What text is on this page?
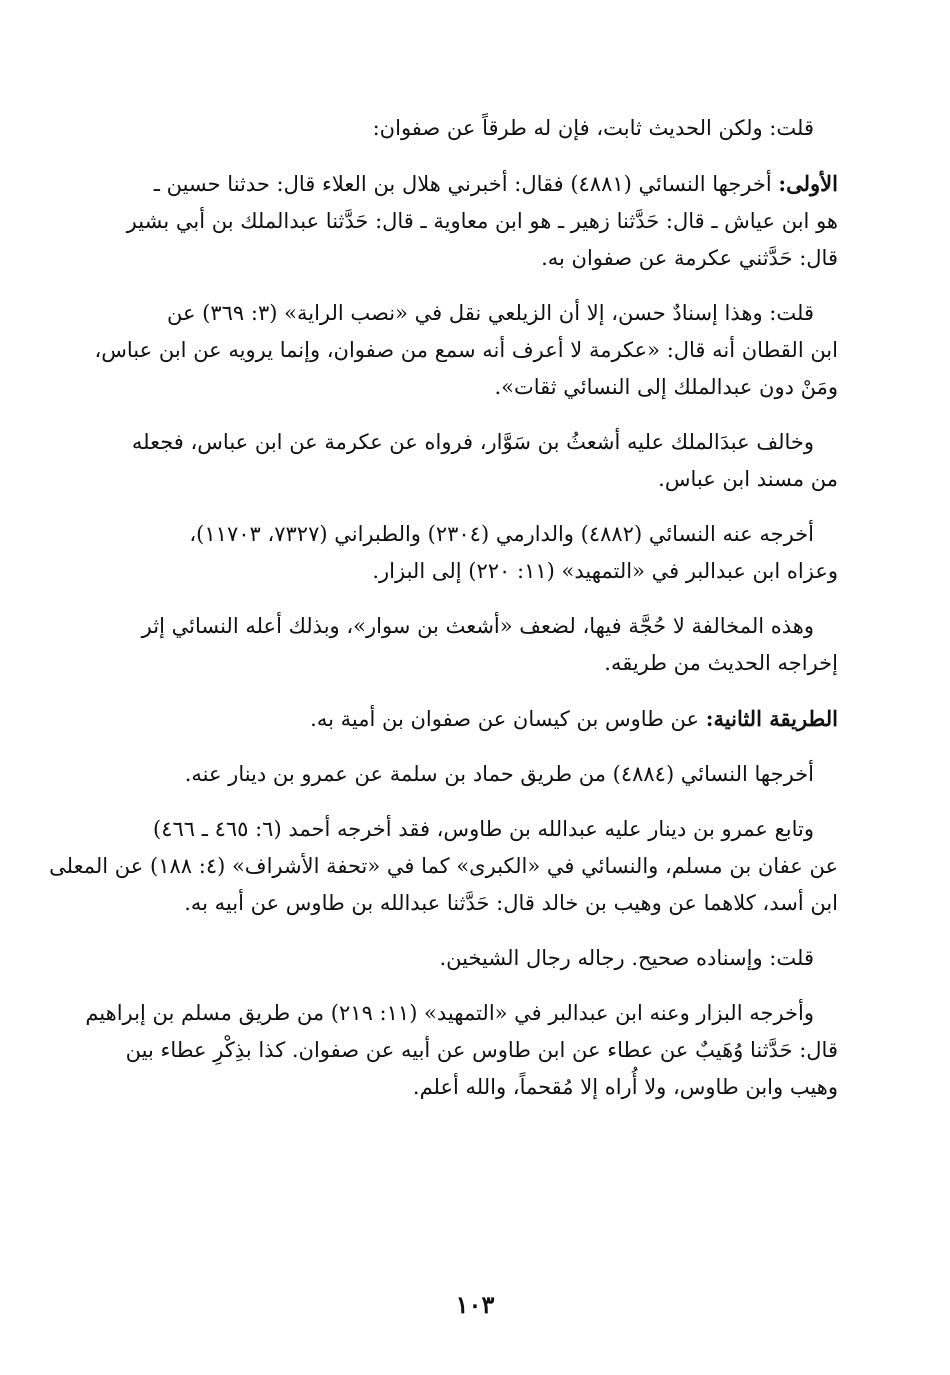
قلت: ولكن الحديث ثابت، فإن له طرقاً عن صفوان:
الأولى: أخرجها النسائي (٤٨٨١) فقال: أخبرني هلال بن العلاء قال: حدثنا حسين ـ
هو ابن عياش ـ قال: حَدَّثنا زهير ـ هو ابن معاوية ـ قال: حَدَّثنا عبدالملك بن أبي بشير
قال: حَدَّثني عكرمة عن صفوان به.
قلت: وهذا إسنادٌ حسن، إلا أن الزيلعي نقل في «نصب الراية» (٣: ٣٦٩) عن
ابن القطان أنه قال: «عكرمة لا أعرف أنه سمع من صفوان، وإنما يرويه عن ابن عباس،
ومَنْ دون عبدالملك إلى النسائي ثقات».
وخالف عبدَالملك عليه أشعثُ بن سَوَّار، فرواه عن عكرمة عن ابن عباس، فجعله
من مسند ابن عباس.
أخرجه عنه النسائي (٤٨٨٢) والدارمي (٢٣٠٤) والطبراني (٧٣٢٧، ١١٧٠٣)،
وعزاه ابن عبدالبر في «التمهيد» (١١: ٢٢٠) إلى البزار.
وهذه المخالفة لا حُجَّة فيها، لضعف «أشعث بن سوار»، وبذلك أعله النسائي إثر
إخراجه الحديث من طريقه.
الطريقة الثانية: عن طاوس بن كيسان عن صفوان بن أمية به.
أخرجها النسائي (٤٨٨٤) من طريق حماد بن سلمة عن عمرو بن دينار عنه.
وتابع عمرو بن دينار عليه عبدالله بن طاوس، فقد أخرجه أحمد (٦: ٤٦٥ ـ ٤٦٦)
عن عفان بن مسلم، والنسائي في «الكبرى» كما في «تحفة الأشراف» (٤: ١٨٨) عن المعلى
ابن أسد، كلاهما عن وهيب بن خالد قال: حَدَّثنا عبدالله بن طاوس عن أبيه به.
قلت: وإسناده صحيح. رجاله رجال الشيخين.
وأخرجه البزار وعنه ابن عبدالبر في «التمهيد» (١١: ٢١٩) من طريق مسلم بن إبراهيم
قال: حَدَّثنا وُهَيبٌ عن عطاء عن ابن طاوس عن أبيه عن صفوان. كذا بذِكْرِ عطاء بين
وهيب وابن طاوس، ولا أُراه إلا مُقحماً، والله أعلم.
١٠٣
